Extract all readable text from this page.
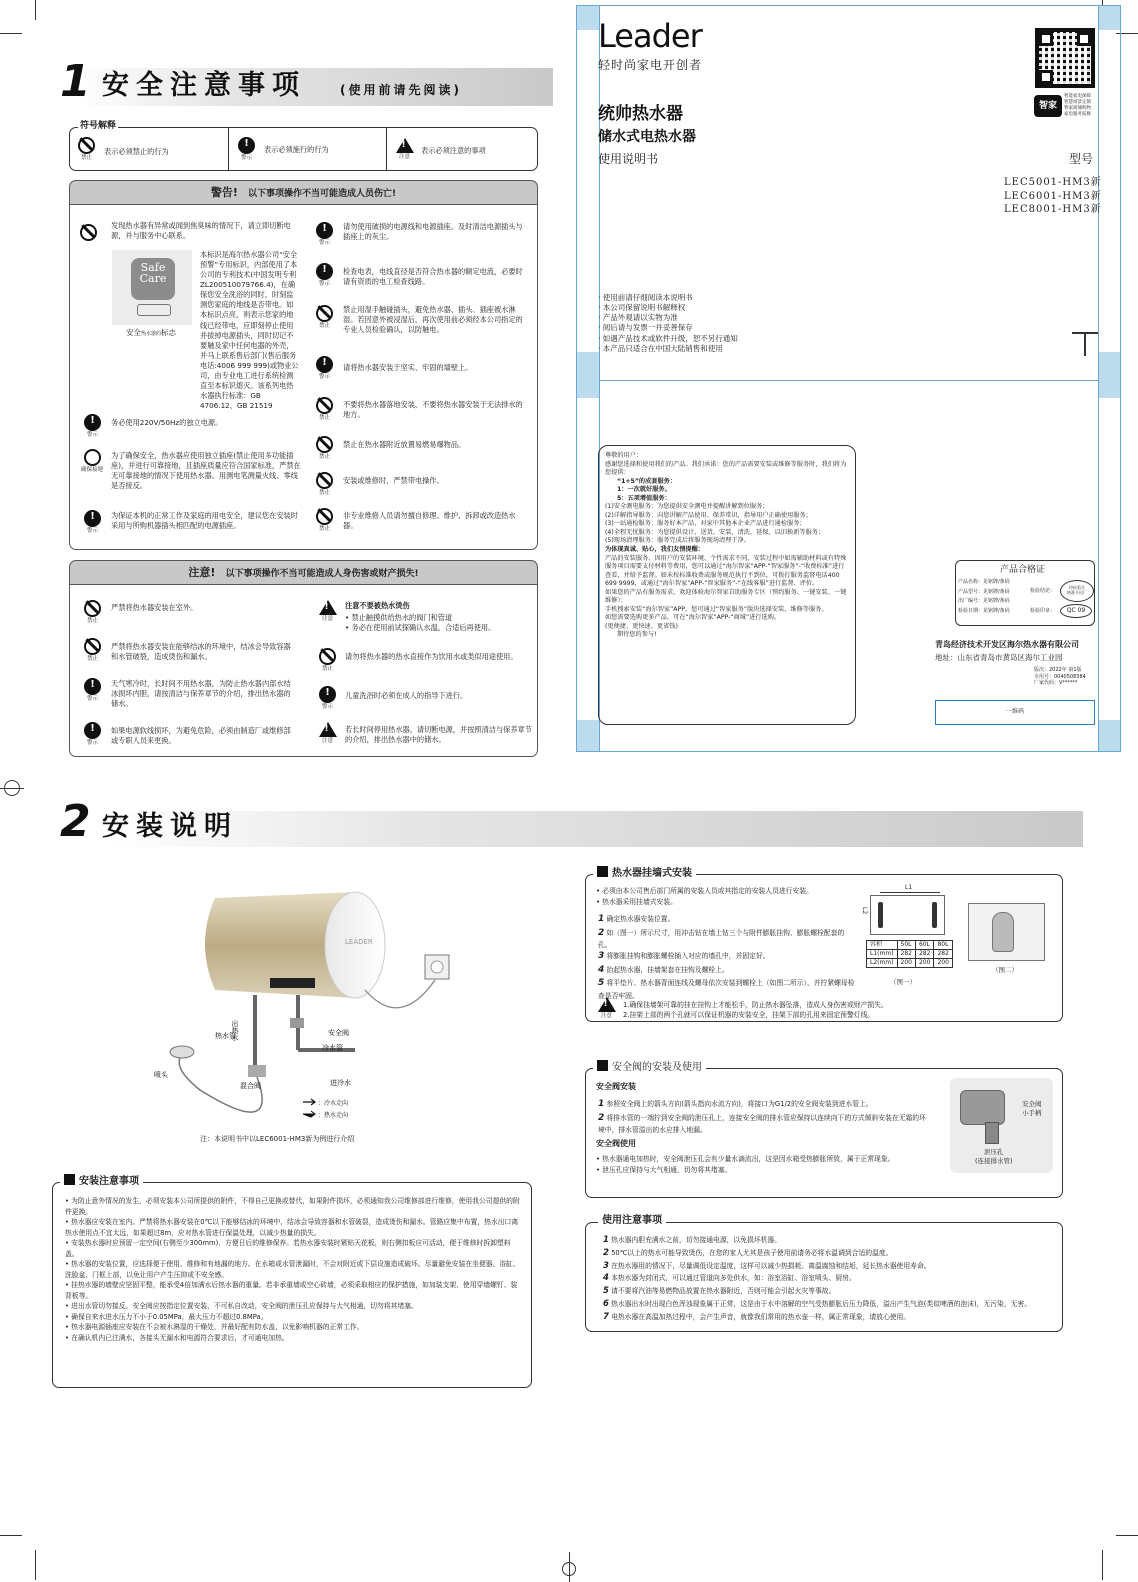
1 安全注意事项	(使用前请先阅读)
符号解释
禁止
表示必须禁止的行为
!
警示
表示必须施行的行为
!
注意
表示必须注意的事项
警告! 以下事项操作不当可能造成人员伤亡!
发现热水器有异常或闻到焦臭味的情况下，请立即切断电源，并与服务中心联系。
Safe
Care
安全热水器的标志
本标识是海尔热水器公司“安全预警”专用标识，内部使用了本公司的专利技术(中国发明专利ZL200510079766.4)，在确保您安全洗浴的同时，时刻监测您家庭的地线是否带电。如本标识点亮，则表示您家的地线已经带电，应即刻停止使用并拔掉电源插头，同时切记不要触及家中任何电器的外壳，并马上联系售后部门(售后服务电话:4006 999 999)或物业公司，由专业电工进行系统检测直至本标识熄灭。该系列电热水器执行标准：GB 4706.12、GB 21519
!
警示
务必使用220V/50Hz的独立电源。
确保接地
为了确保安全，热水器应使用独立插座(禁止使用多功能插座)，并进行可靠接地，且插座质量应符合国家标准，严禁在无可靠接地的情况下使用热水器。用测电笔测量火线、零线是否接反。
!
警示
为保证本机的正常工作及家庭的用电安全，建议您在安装时采用与所购机器插头相匹配的电源插座。
!
警示
请勿使用破损的电源线和电源插座。及时清洁电源插头与插座上的灰尘。
!
警示
检查电表，电线直径是否符合热水器的额定电流，必要时请有资质的电工检查线路。
禁止
禁止用湿手触碰插头，避免热水器、插头、插座被水淋湿。若因意外被浸湿后，再次使用前必须经本公司指定的专业人员检验确认，以防触电。
!
警示
请将热水器安装于坚实、牢固的墙壁上。
禁止
不要将热水器落地安装，不要将热水器安装于无法排水的地方。
禁止
禁止在热水器附近放置易燃易爆物品。
禁止
安装或维修时，严禁带电操作。
禁止
非专业维修人员请勿擅自修理、维护、拆卸或改造热水器。
注意! 以下事项操作不当可能造成人身伤害或财产损失!
禁止
严禁将热水器安装在室外。
禁止
严禁将热水器安装在能够结冰的环境中，结冰会导致容器和水管破裂，造成烫伤和漏水。
!
警示
天气寒冷时，长时间不用热水器，为防止热水器内部水结冰损坏内胆，请按清洁与保养章节的介绍，排出热水器的储水。
!
警示
如果电源软线损坏，为避免危险，必须由制造厂或维修部或专职人员来更换。
!
注意
注意不要被热水烫伤
• 禁止触摸供给热水的阀门和管道
• 务必在使用前试探确认水温，合适后再使用。
禁止
请勿将热水器的热水直接作为饮用水或类似用途使用。
!
警示
儿童洗浴时必须在成人的指导下进行。
!
注意
若长时间停用热水器，请切断电源，并按照清洁与保养章节的介绍，排出热水器中的储水。
Leader
轻时尚家电开创者
智家
智能家电保障
智慧场景定制
智家商城购物
家电服务报修
统帅热水器
储水式电热水器
使用说明书	型号
LEC5001-HM3新
LEC6001-HM3新
LEC8001-HM3新
· 使用前请仔细阅读本说明书
· 本公司保留说明书解释权
· 产品外观请以实物为准
· 阅后请与发票一并妥善保存
· 如遇产品技术或软件升级，恕不另行通知
· 本产品只适合在中国大陆销售和使用
尊敬的用户：
感谢您选择和使用我们的产品。我们承诺：您的产品需要安装或维修等服务时，我们将为您提供：
“1+5”的成套服务：
1：一次就好服务。
5：五项增值服务：
(1)安全测电服务：为您提供安全测电并提醒讲解到位服务；
(2)详解指导服务：向您讲解产品使用、保养常识，指导用户正确使用服务；
(3)一站通检服务：服务好本产品，对家中其他本企业产品进行通检服务；
(4)全程无忧服务：为您提供设计、送货、安装、清洗、延保、以旧换新等服务；
(5)现场清理服务：服务完成后将服务现场清理干净。
为体现真诚、贴心，我们友情提醒：
产品的安装服务，因用户的安装环境、个性需求不同，安装过程中如需辅助材料或有特殊服务项目需要支付材料等费用，您可以通过“海尔智家”APP-“智家服务”-“收费标准”进行查看，并给予监督。如未按标准收费或服务规范执行不到位，可拨打服务监督电话400 699 9999，或通过“海尔智家”APP-“智家服务”-“在线客服”进行监督、评价。
如果您的产品有服务需求，欢迎体验海尔智家自助服务专区（预约服务、一键安装、一键维修）：
手机搜索安装“海尔智家”APP，您可通过“智家服务”版块选择安装、维修等服务。
如您需要选购更多产品，可在“海尔智家”APP-“商城”进行选购。
(更便捷、更快速、更省钱)
期待您的参与!
产品合格证
产品名称：见铭牌/条码
产品型号：见铭牌/条码
出厂编号：见铭牌/条码
检验日期：见铭牌/条码
检验结论：
检验印章：
经检验合
格准予出厂
QC 09
青岛经济技术开发区海尔热水器有限公司
地址：山东省青岛市黄岛区海尔工业园
版次：2022年 第1版
专用号：0040508384
厂家代码：V******
一维码
2 安装说明
LEADER
出热水
热水管	安全阀
冷水管
混合阀	进冷水
喷头
：冷水走向
：热水走向
注：本说明书中以LEC6001-HM3新为例进行介绍
安装注意事项
• 为防止意外情况的发生，必须安装本公司所提供的附件，不得自己更换或替代，如果附件损坏，必须通知我公司维修部进行维修，使用我公司提供的附件更换。
• 热水器应安装在室内。严禁将热水器安装在0℃以下能够结冰的环境中，结冰会导致容器和水管破裂，造成烫伤和漏水。管路应集中布置，热水出口离热水使用点不宜太远，如果超过8m，应对热水管进行保温处理，以减少热量的损失。
• 安装热水器时应预留一定空间(右侧至少300mm)，方便日后的维修保养。若热水器安装时紧贴天花板，则右侧扣板应可活动，便于维修时拆卸塑料盖。
• 热水器的安装位置，应选择便于使用、维修和有地漏的地方。在水箱或水管泄漏时，不会对附近或下层设施造成破坏。尽量避免安装在坐便器、浴缸、洗脸盆、门框上部，以免让用户产生压抑或不安全感。
• 挂热水器的墙壁应坚固平整，能承受4倍加满水后热水器的重量。若非承重墙或空心砖墙，必须采取相应的保护措施，如加装支架、使用穿墙螺钉、装背板等。
• 进出水管切勿接反。安全阀应按指定位置安装，不可私自改动，安全阀的泄压孔应保持与大气相通，切勿将其堵塞。
• 确保自来水进水压力不小于0.05MPa，最大压力不超过0.8MPa。
• 热水器电源插座应安装在不会被水淋湿的干燥处，并最好配有防水盖，以免影响机器的正常工作。
• 在确认机内已注满水，各接头无漏水和电源符合要求后，才可通电加热。
热水器挂墙式安装
• 必须由本公司售后部门所属的安装人员或其指定的安装人员进行安装。
• 热水器采用挂墙式安装。
1 确定热水器安装位置。
2 如（图一）所示尺寸，用冲击钻在墙上钻三个与附件膨胀挂钩、膨胀螺栓配套的孔。
3 将膨胀挂钩和膨胀螺栓插入对应的墙孔中，并固定好。
4 抬起热水器，挂墙架套在挂钩及螺栓上。
5 将平垫片、热水器背面连线及螺母依次安装到螺栓上（如图二所示），并拧紧螺母检查是否牢固。
L1
L2
容积	50L	60L	80L
L1(mm)	282	282	282
L2(mm)	200	200	200
（图一）
（图二）
!
注意
1.确保挂墙架可靠的挂在挂钩上才能松手，防止热水器坠落，造成人身伤害或财产损失。
2.挂架上部的两个孔就可以保证机器的安装安全，挂架下部的孔用来固定预警灯线。
安全阀的安装及使用
安全阀安装
1 参照安全阀上的箭头方向(箭头指向水流方向)，将接口为G1/2的安全阀安装到进水管上。
2 将排水管的一端拧到安全阀的泄压孔上，连接安全阀的排水管应保持以连续向下的方式倾斜安装在无霜的环境中，排水管溢出的水应排入地漏。
安全阀使用
• 热水器通电加热时，安全阀泄压孔会有少量水滴流出，这是因水箱受热膨胀所致，属于正常现象。
• 泄压孔应保持与大气相通，切勿将其堵塞。
安全阀
小手柄
泄压孔
(连接排水管)
使用注意事项
1 热水器内胆充满水之前，切勿接通电源，以免损坏机器。
2 50℃以上的热水可能导致烫伤，在您的家人尤其是孩子使用前请务必将水温调到合适的温度。
3 在热水器用的情况下，尽量调低设定温度，这样可以减少热损耗、离温腐蚀和结垢，延长热水器使用寿命。
4 本热水器为封闭式，可以通过管道向多处供水，如：浴室浴缸、浴室喷头、厨房。
5 请不要将汽油等易燃物品放置在热水器附近，否则可能会引起火灾等事故。
6 热水器出水时出现白色浑浊现象属于正常，这是由于水中溶解的空气受热膨胀后压力降低，溢出产生气泡(类似啤酒的泡沫)，无污染，无害。
7 电热水器在高温加热过程中，会产生声音，就像我们常用的热水壶一样，属正常现象，请放心使用。
